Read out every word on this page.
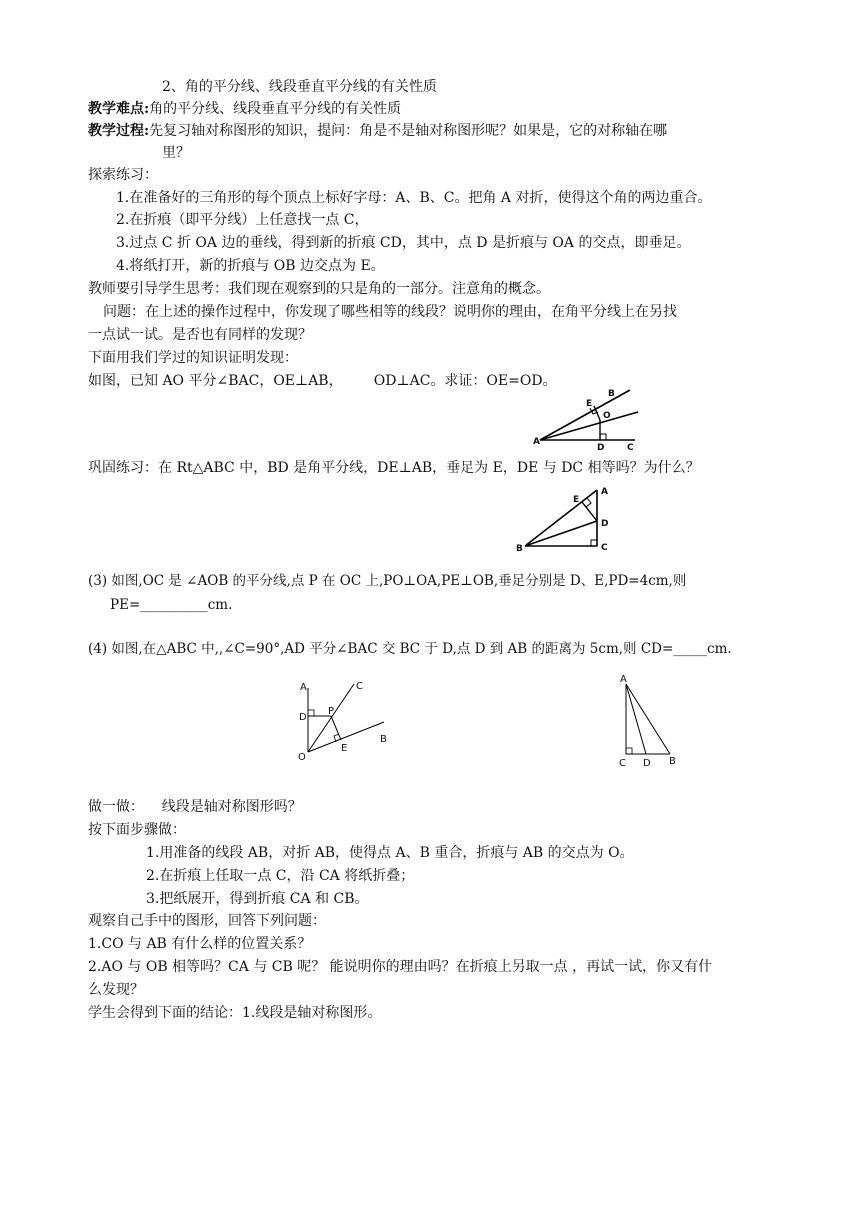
2、角的平分线、线段垂直平分线的有关性质
教学难点:角的平分线、线段垂直平分线的有关性质
教学过程:先复习轴对称图形的知识，提问：角是不是轴对称图形呢？如果是，它的对称轴在哪
里？
探索练习：
1.在准备好的三角形的每个顶点上标好字母：A、B、C。把角 A 对折，使得这个角的两边重合。
2.在折痕（即平分线）上任意找一点 C，
3.过点 C 折 OA 边的垂线，得到新的折痕 CD，其中，点 D 是折痕与 OA 的交点，即垂足。
4.将纸打开，新的折痕与 OB 边交点为 E。
教师要引导学生思考：我们现在观察到的只是角的一部分。注意角的概念。
问题：在上述的操作过程中，你发现了哪些相等的线段？说明你的理由，在角平分线上在另找
一点试一试。是否也有同样的发现？
下面用我们学过的知识证明发现：
如图，已知 AO 平分∠BAC，OE⊥AB，       OD⊥AC。求证：OE=OD。
A
B
C
D
E
O
巩固练习：在 Rt△ABC 中，BD 是角平分线，DE⊥AB，垂足为 E，DE 与 DC 相等吗？为什么？
A
B	C
D
E
(3) 如图,OC 是 ∠AOB 的平分线,点 P 在 OC 上,PO⊥OA,PE⊥OB,垂足分别是 D、E,PD=4cm,则
PE=__________cm.
(4) 如图,在△ABC 中,,∠C=90°,AD 平分∠BAC 交 BC 于 D,点 D 到 AB 的距离为 5cm,则 CD=_____cm.
A
B
C
D
E
O
P
A
B
C D
做一做：    线段是轴对称图形吗？
按下面步骤做：
1.用准备的线段 AB，对折 AB，使得点 A、B 重合，折痕与 AB 的交点为 O。
2.在折痕上任取一点 C，沿 CA 将纸折叠；
3.把纸展开，得到折痕 CA 和 CB。
观察自己手中的图形，回答下列问题：
1.CO 与 AB 有什么样的位置关系？
2.AO 与 OB 相等吗？CA 与 CB 呢？ 能说明你的理由吗？在折痕上另取一点 ，再试一试，你又有什
么发现？
学生会得到下面的结论：1.线段是轴对称图形。
